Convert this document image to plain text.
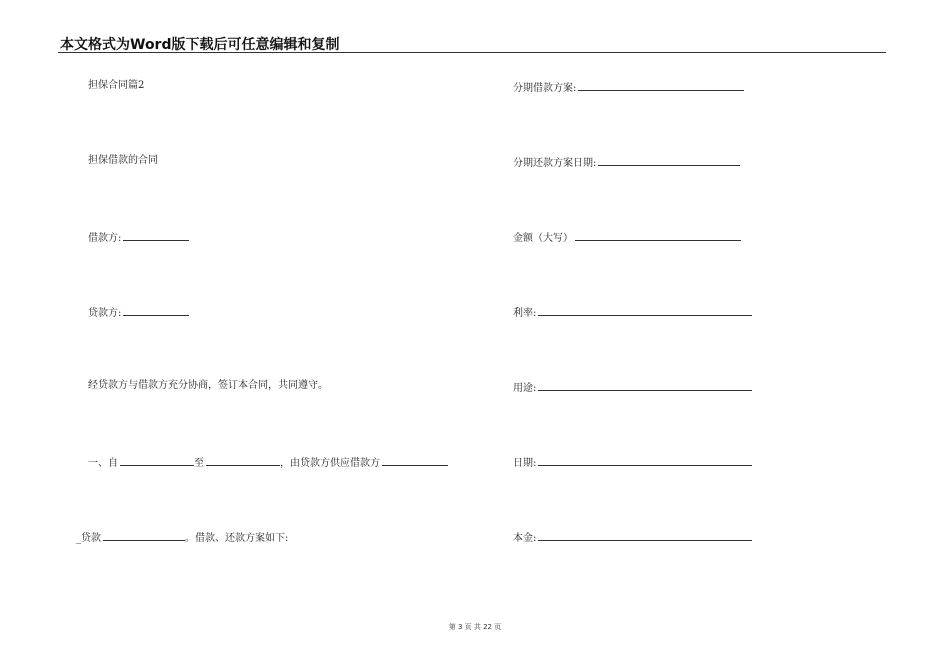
本文格式为Word版下载后可任意编辑和复制
担保合同篇2
担保借款的合同
借款方:
贷款方:
经贷款方与借款方充分协商，签订本合同，共同遵守。
一、自	至	，由贷款方供应借款方
_贷款	。借款、还款方案如下:
分期借款方案:
分期还款方案日期:
金额（大写）
利率:
用途:
日期:
本金:
第 3 页 共 22 页
